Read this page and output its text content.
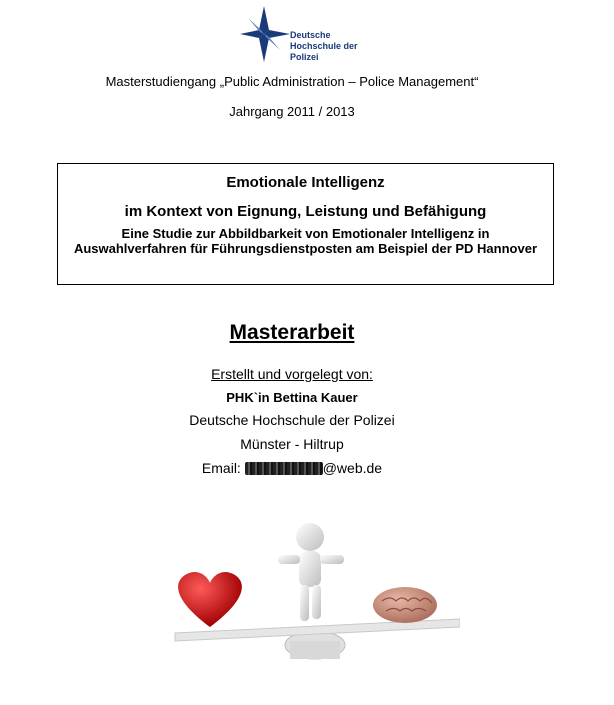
Deutsche
Hochschule der Polizei
Masterstudiengang „Public Administration – Police Management“
Jahrgang 2011 / 2013
Emotionale Intelligenz
im Kontext von Eignung, Leistung und Befähigung
Eine Studie zur Abbildbarkeit von Emotionaler Intelligenz in Auswahlverfahren für Führungsdienstposten am Beispiel der PD Hannover
Masterarbeit
Erstellt und vorgelegt von:
PHK`in Bettina Kauer
Deutsche Hochschule der Polizei
Münster - Hiltrup
Email:	@web.de
